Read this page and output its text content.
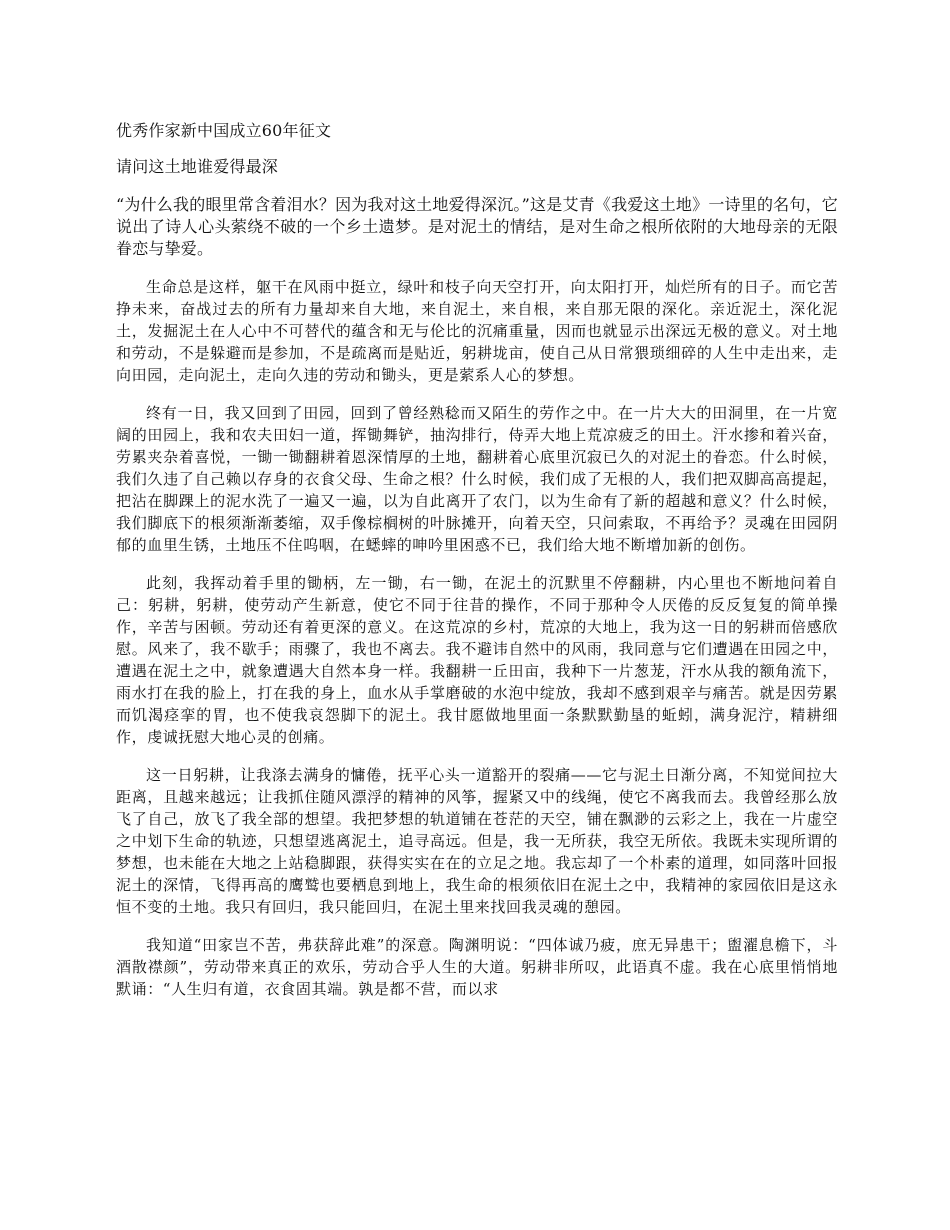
优秀作家新中国成立60年征文
请问这土地谁爱得最深

“为什么我的眼里常含着泪水？因为我对这土地爱得深沉。”这是艾青《我爱这土地》一诗里的名句，它说出了诗人心头萦绕不破的一个乡土遗梦。是对泥土的情结，是对生命之根所依附的大地母亲的无限眷恋与挚爱。

生命总是这样，躯干在风雨中挺立，绿叶和枝子向天空打开，向太阳打开，灿烂所有的日子。而它苦挣未来，奋战过去的所有力量却来自大地，来自泥土，来自根，来自那无限的深化。亲近泥土，深化泥土，发掘泥土在人心中不可替代的蕴含和无与伦比的沉痛重量，因而也就显示出深远无极的意义。对土地和劳动，不是躲避而是参加，不是疏离而是贴近，躬耕垅亩，使自己从日常猥琐细碎的人生中走出来，走向田园，走向泥土，走向久违的劳动和锄头，更是萦系人心的梦想。

终有一日，我又回到了田园，回到了曾经熟稔而又陌生的劳作之中。在一片大大的田洞里，在一片宽阔的田园上，我和农夫田妇一道，挥锄舞铲，抽沟排行，侍弄大地上荒凉疲乏的田土。汗水掺和着兴奋，劳累夹杂着喜悦，一锄一锄翻耕着恩深情厚的土地，翻耕着心底里沉寂已久的对泥土的眷恋。什么时候，我们久违了自己赖以存身的衣食父母、生命之根？什么时候，我们成了无根的人，我们把双脚高高提起，把沾在脚踝上的泥水洗了一遍又一遍，以为自此离开了农门，以为生命有了新的超越和意义？什么时候，我们脚底下的根须渐渐萎缩，双手像棕榈树的叶脉摊开，向着天空，只问索取，不再给予？灵魂在田园阴郁的血里生锈，土地压不住呜咽，在蟋蟀的呻吟里困惑不已，我们给大地不断增加新的创伤。

此刻，我挥动着手里的锄柄，左一锄，右一锄，在泥土的沉默里不停翻耕，内心里也不断地问着自己：躬耕，躬耕，使劳动产生新意，使它不同于往昔的操作，不同于那种令人厌倦的反反复复的简单操作，辛苦与困顿。劳动还有着更深的意义。在这荒凉的乡村，荒凉的大地上，我为这一日的躬耕而倍感欣慰。风来了，我不歇手；雨骤了，我也不离去。我不避讳自然中的风雨，我同意与它们遭遇在田园之中，遭遇在泥土之中，就象遭遇大自然本身一样。我翻耕一丘田亩，我种下一片葱茏，汗水从我的额角流下，雨水打在我的脸上，打在我的身上，血水从手掌磨破的水泡中绽放，我却不感到艰辛与痛苦。就是因劳累而饥渴痉挛的胃，也不使我哀怨脚下的泥土。我甘愿做地里面一条默默勤垦的蚯蚓，满身泥泞，精耕细作，虔诚抚慰大地心灵的创痛。

这一日躬耕，让我涤去满身的慵倦，抚平心头一道豁开的裂痛——它与泥土日渐分离，不知觉间拉大距离，且越来越远；让我抓住随风漂浮的精神的风筝，握紧又中的线绳，使它不离我而去。我曾经那么放飞了自己，放飞了我全部的想望。我把梦想的轨道铺在苍茫的天空，铺在飘渺的云彩之上，我在一片虚空之中划下生命的轨迹，只想望逃离泥土，追寻高远。但是，我一无所获，我空无所依。我既未实现所谓的梦想，也未能在大地之上站稳脚跟，获得实实在在的立足之地。我忘却了一个朴素的道理，如同落叶回报泥土的深情，飞得再高的鹰鹫也要栖息到地上，我生命的根须依旧在泥土之中，我精神的家园依旧是这永恒不变的土地。我只有回归，我只能回归，在泥土里来找回我灵魂的憩园。

我知道“田家岂不苦，弗获辞此难”的深意。陶渊明说：“四体诚乃疲，庶无异患干；盥濯息檐下，斗酒散襟颜”，劳动带来真正的欢乐，劳动合乎人生的大道。躬耕非所叹，此语真不虚。我在心底里悄悄地默诵：“人生归有道，衣食固其端。孰是都不营，而以求
